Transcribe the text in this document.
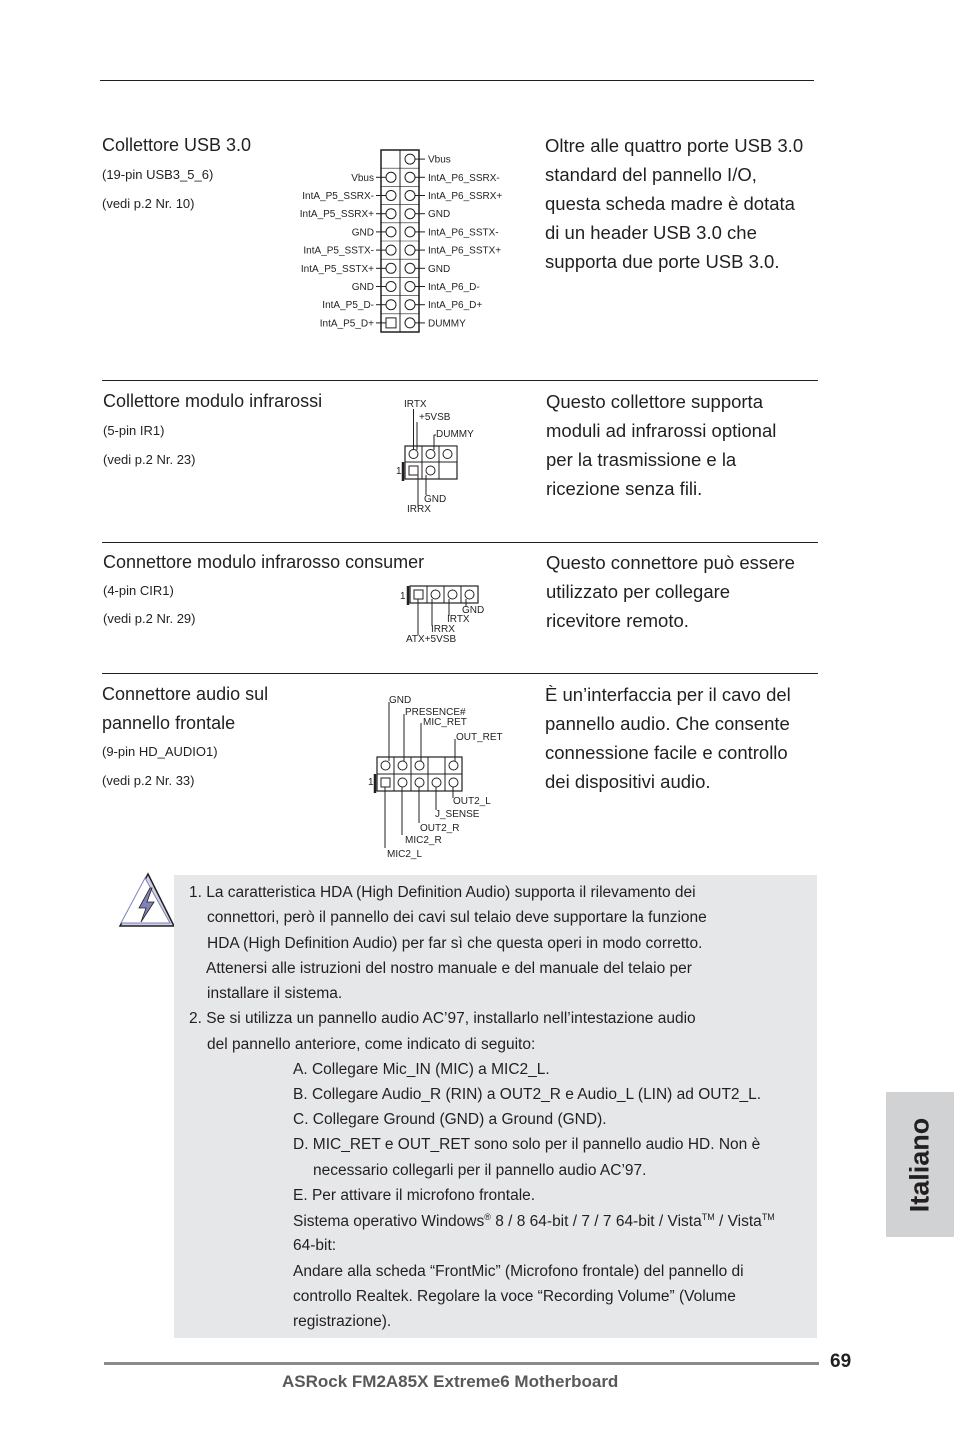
Collettore USB 3.0
(19-pin USB3_5_6)
(vedi p.2 Nr. 10)
Oltre alle quattro porte USB 3.0
standard del pannello I/O,
questa scheda madre è dotata
di un header USB 3.0 che
supporta due porte USB 3.0.
Vbus
IntA_P5_SSRX-
IntA_P5_SSRX+
GND
IntA_P5_SSTX-
IntA_P5_SSTX+
GND
IntA_P5_D-
IntA_P5_D+
Vbus
IntA_P6_SSRX-
IntA_P6_SSRX+
GND
IntA_P6_SSTX-
IntA_P6_SSTX+
GND
IntA_P6_D-
IntA_P6_D+
DUMMY
Collettore modulo infrarossi
(5-pin IR1)
(vedi p.2 Nr. 23)
Questo collettore supporta
moduli ad infrarossi optional
per la trasmissione e la
ricezione senza fili.
IRTX
+5VSB
DUMMY
1
GND
IRRX
Connettore modulo infrarosso consumer
(4-pin CIR1)
(vedi p.2 Nr. 29)
Questo connettore può essere
utilizzato per collegare
ricevitore remoto.
1
GND
IRTX
IRRX
ATX+5VSB
Connettore audio sul
pannello frontale
(9-pin HD_AUDIO1)
(vedi p.2 Nr. 33)
È un’interfaccia per il cavo del
pannello audio. Che consente
connessione facile e controllo
dei dispositivi audio.
GND
PRESENCE#
MIC_RET
OUT_RET
1
OUT2_L
J_SENSE
OUT2_R
MIC2_R
MIC2_L
1. La caratteristica HDA (High Definition Audio) supporta il rilevamento dei
connettori, però il pannello dei cavi sul telaio deve supportare la funzione
HDA (High Definition Audio) per far sì che questa operi in modo corretto.
Attenersi alle istruzioni del nostro manuale e del manuale del telaio per
installare il sistema.
2. Se si utilizza un pannello audio AC’97, installarlo nell’intestazione audio
del pannello anteriore, come indicato di seguito:
A. Collegare Mic_IN (MIC) a MIC2_L.
B. Collegare Audio_R (RIN) a OUT2_R e Audio_L (LIN) ad OUT2_L.
C. Collegare Ground (GND) a Ground (GND).
D. MIC_RET e OUT_RET sono solo per il pannello audio HD. Non è
necessario collegarli per il pannello audio AC’97.
E. Per attivare il microfono frontale.
Sistema operativo Windows® 8 / 8 64-bit / 7 / 7 64-bit / Vista™ / Vista™
64-bit:
Andare alla scheda “FrontMic” (Microfono frontale) del pannello di
controllo Realtek. Regolare la voce “Recording Volume” (Volume
registrazione).
Italiano
69
ASRock FM2A85X Extreme6 Motherboard
